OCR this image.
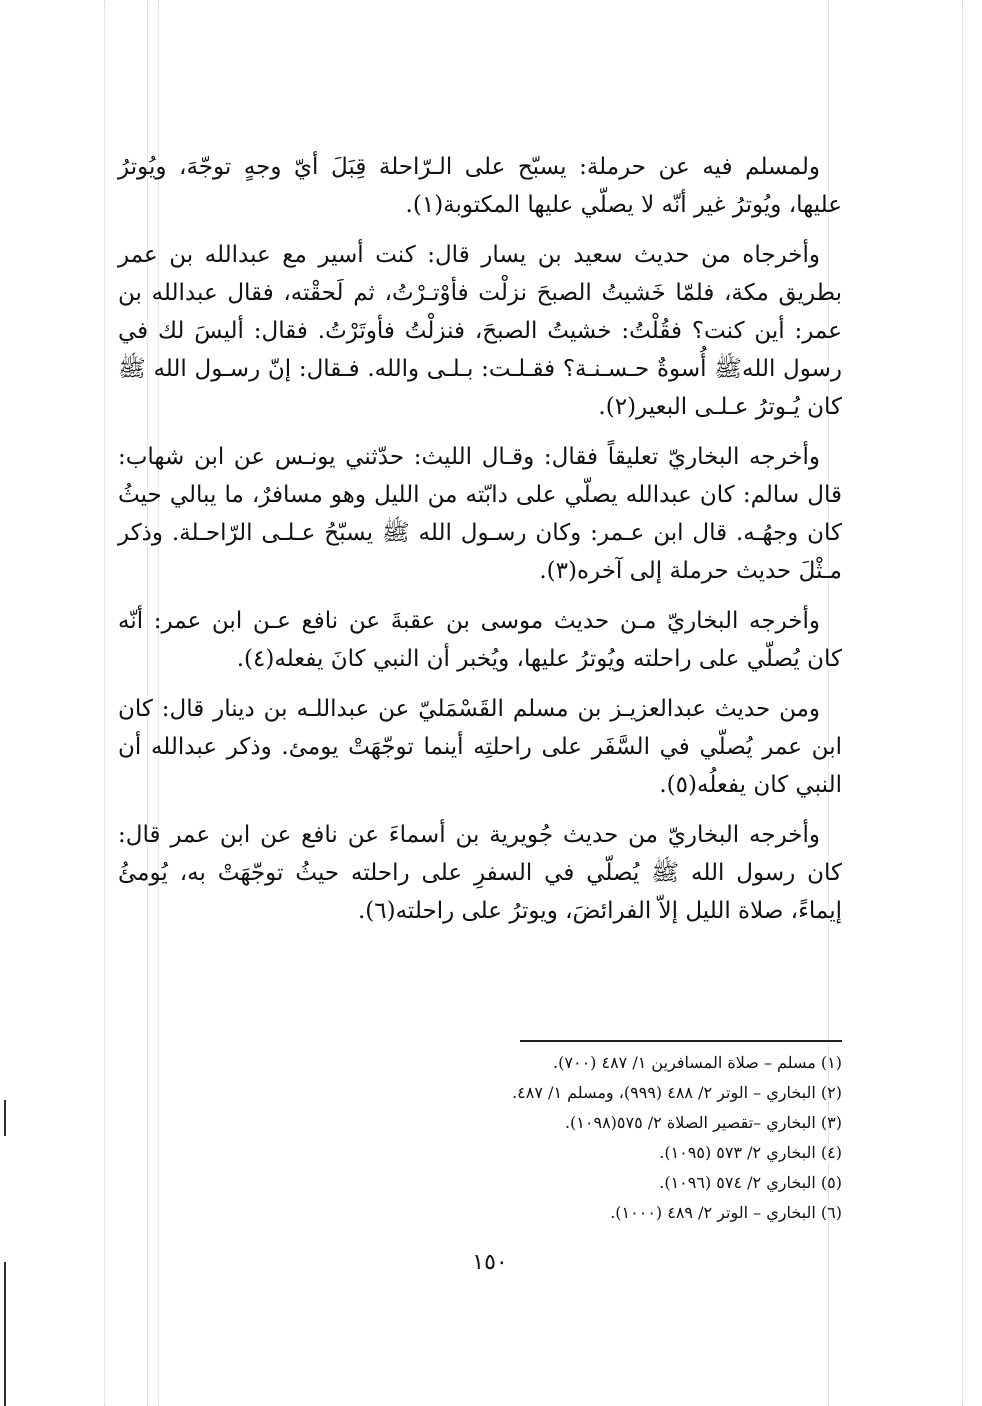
ولمسلم فيه عن حرملة: يسبّح على الـرّاحلة قِبَلَ أيّ وجهٍ توجّهَ، ويُوترُ عليها، ويُوترُ غير أنّه لا يصلّي عليها المكتوبة(١).

وأخرجاه من حديث سعيد بن يسار قال: كنت أسير مع عبدالله بن عمر بطريق مكة، فلمّا خَشيتُ الصبحَ نزلْت فأوْتـرْتُ، ثم لَحقْته، فقال عبدالله بن عمر: أين كنت؟ فقُلْتُ: خشيتُ الصبحَ، فنزلْتُ فأوتَرْتُ. فقال: أليسَ لك في رسول اللهﷺ أُسوةٌ حـسـنـة؟ فقـلـت: بـلـى والله. فـقال: إنّ رسـول الله ﷺ كان يُـوترُ عـلـى البعير(٢).

وأخرجه البخاريّ تعليقاً فقال: وقـال الليث: حدّثني يونـس عن ابن شهاب: قال سالم: كان عبدالله يصلّي على دابّته من الليل وهو مسافرٌ، ما يبالي حيثُ كان وجهُـه. قال ابن عـمر: وكان رسـول الله ﷺ يسبّحُ عـلـى الرّاحـلة. وذكر مـثْلَ حديث حرملة إلى آخره(٣).

وأخرجه البخاريّ مـن حديث موسى بن عقبةَ عن نافع عـن ابن عمر: أنّه كان يُصلّي على راحلته ويُوترُ عليها، ويُخبر أن النبي كانَ يفعله(٤).

ومن حديث عبدالعزيـز بن مسلم القَسْمَليّ عن عبداللـه بن دينار قال: كان ابن عمر يُصلّي في السَّفَر على راحلتِه أينما توجّهَتْ يومئ. وذكر عبدالله أن النبي كان يفعلُه(٥).

وأخرجه البخاريّ من حديث جُويرية بن أسماءَ عن نافع عن ابن عمر قال: كان رسول الله ﷺ يُصلّي في السفرِ على راحلته حيثُ توجّهَتْ به، يُومئُ إيماءً، صلاة الليل إلاّ الفرائضَ، ويوترُ على راحلته(٦).

(١) مسلم – صلاة المسافرين ١/ ٤٨٧ (٧٠٠).
(٢) البخاري – الوتر ٢/ ٤٨٨ (٩٩٩)، ومسلم ١/ ٤٨٧.
(٣) البخاري –تقصير الصلاة ٢/ ٥٧٥(١٠٩٨).
(٤) البخاري ٢/ ٥٧٣ (١٠٩٥).
(٥) البخاري ٢/ ٥٧٤ (١٠٩٦).
(٦) البخاري – الوتر ٢/ ٤٨٩ (١٠٠٠).
١٥٠
